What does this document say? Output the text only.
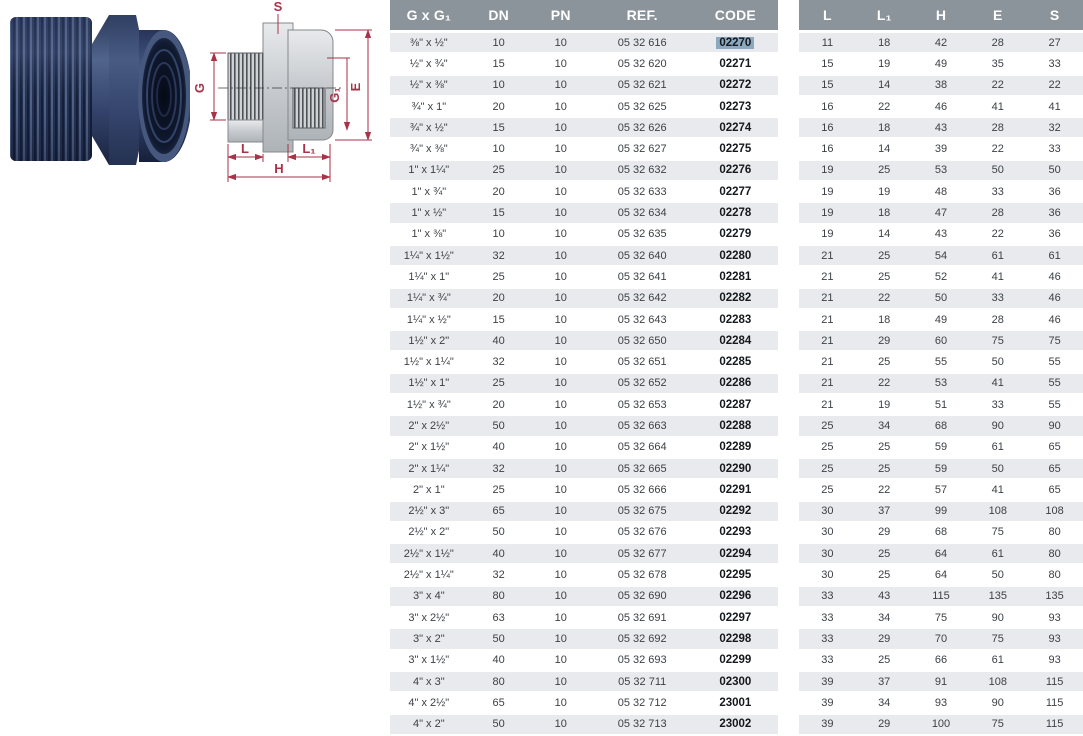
S
G	G₁
E
L	L₁
H
G x G₁	DN	PN	REF.	CODE
⅜" x ½"	10	10	05 32 616	02270
½" x ¾"	15	10	05 32 620	02271
½" x ⅜"	10	10	05 32 621	02272
¾" x 1"	20	10	05 32 625	02273
¾" x ½"	15	10	05 32 626	02274
¾" x ⅜"	10	10	05 32 627	02275
1" x 1¼"	25	10	05 32 632	02276
1" x ¾"	20	10	05 32 633	02277
1" x ½"	15	10	05 32 634	02278
1" x ⅜"	10	10	05 32 635	02279
1¼" x 1½"	32	10	05 32 640	02280
1¼" x 1"	25	10	05 32 641	02281
1¼" x ¾"	20	10	05 32 642	02282
1¼" x ½"	15	10	05 32 643	02283
1½" x 2"	40	10	05 32 650	02284
1½" x 1¼"	32	10	05 32 651	02285
1½" x 1"	25	10	05 32 652	02286
1½" x ¾"	20	10	05 32 653	02287
2" x 2½"	50	10	05 32 663	02288
2" x 1½"	40	10	05 32 664	02289
2" x 1¼"	32	10	05 32 665	02290
2" x 1"	25	10	05 32 666	02291
2½" x 3"	65	10	05 32 675	02292
2½" x 2"	50	10	05 32 676	02293
2½" x 1½"	40	10	05 32 677	02294
2½" x 1¼"	32	10	05 32 678	02295
3" x 4"	80	10	05 32 690	02296
3" x 2½"	63	10	05 32 691	02297
3" x 2"	50	10	05 32 692	02298
3" x 1½"	40	10	05 32 693	02299
4" x 3"	80	10	05 32 711	02300
4" x 2½"	65	10	05 32 712	23001
4" x 2"	50	10	05 32 713	23002
L	L₁	H	E	S
11	18	42	28	27
15	19	49	35	33
15	14	38	22	22
16	22	46	41	41
16	18	43	28	32
16	14	39	22	33
19	25	53	50	50
19	19	48	33	36
19	18	47	28	36
19	14	43	22	36
21	25	54	61	61
21	25	52	41	46
21	22	50	33	46
21	18	49	28	46
21	29	60	75	75
21	25	55	50	55
21	22	53	41	55
21	19	51	33	55
25	34	68	90	90
25	25	59	61	65
25	25	59	50	65
25	22	57	41	65
30	37	99	108	108
30	29	68	75	80
30	25	64	61	80
30	25	64	50	80
33	43	115	135	135
33	34	75	90	93
33	29	70	75	93
33	25	66	61	93
39	37	91	108	115
39	34	93	90	115
39	29	100	75	115
